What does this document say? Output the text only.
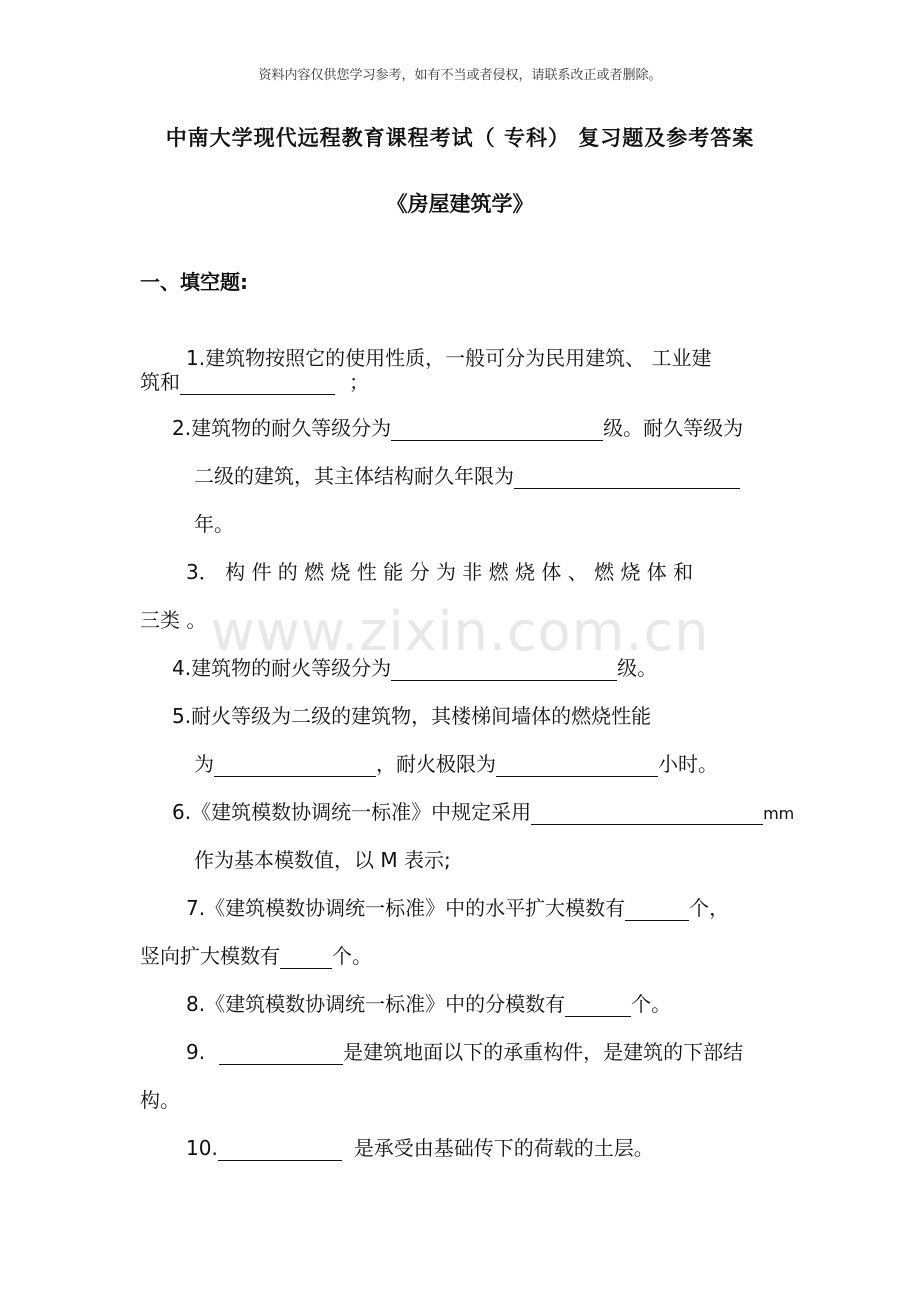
资料内容仅供您学习参考，如有不当或者侵权，请联系改正或者删除。
中南大学现代远程教育课程考试（ 专科） 复习题及参考答案
《房屋建筑学》
一、填空题:
www.zixin.com.cn
1.建筑物按照它的使用性质，一般可分为民用建筑、 工业建
筑和	；
2.建筑物的耐久等级分为	级。耐久等级为
二级的建筑，其主体结构耐久年限为
年。
3． 构 件 的 燃 烧 性 能 分 为 非 燃 烧 体 、 燃 烧 体 和
三类 。
4.建筑物的耐火等级分为	级。
5.耐火等级为二级的建筑物，其楼梯间墙体的燃烧性能
为	，耐火极限为	小时。
6.《建筑模数协调统一标准》中规定采用	mm
作为基本模数值，以 M 表示;
7.《建筑模数协调统一标准》中的水平扩大模数有	个，
竖向扩大模数有	个。
8.《建筑模数协调统一标准》中的分模数有	个。
9.	是建筑地面以下的承重构件，是建筑的下部结
构。
10.	是承受由基础传下的荷载的土层。
